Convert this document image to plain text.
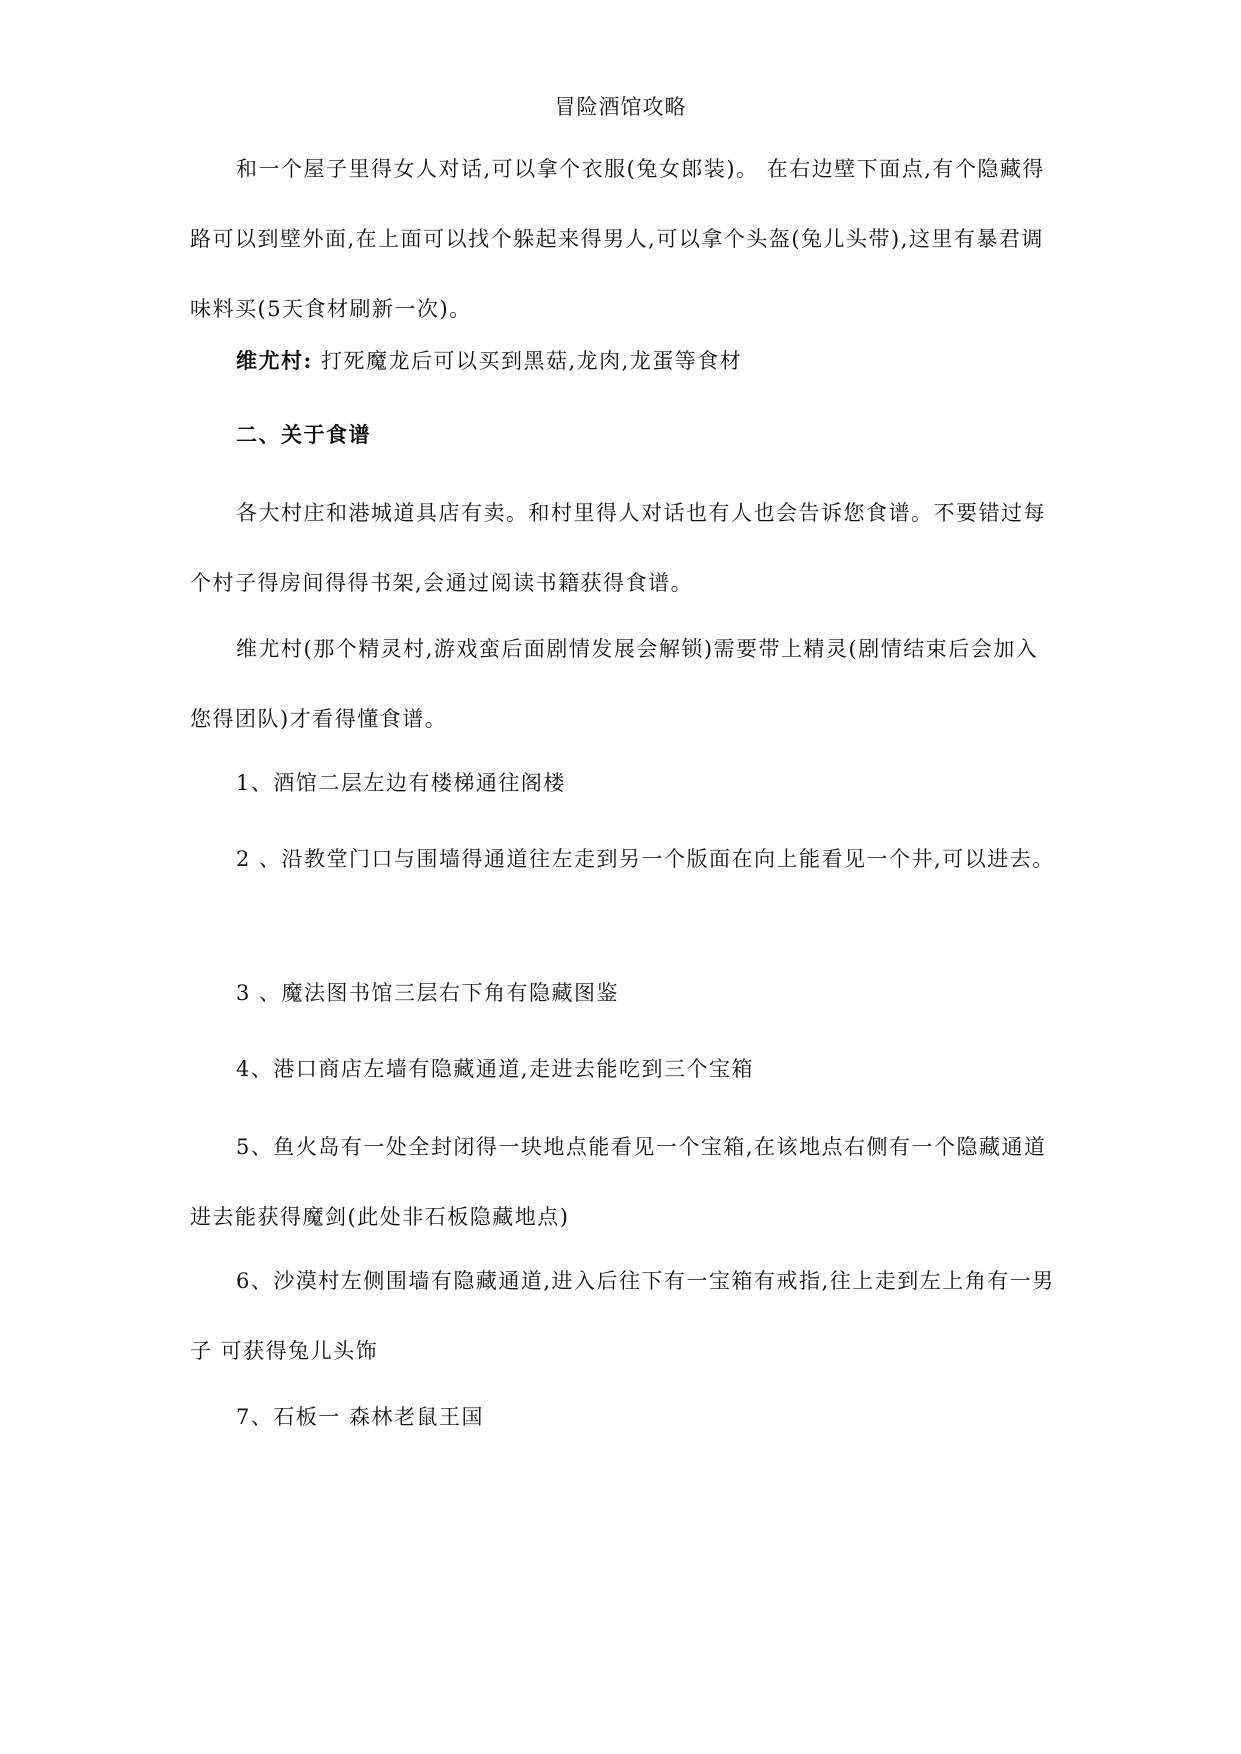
冒险酒馆攻略
和一个屋子里得女人对话,可以拿个衣服(兔女郎装)。 在右边壁下面点,有个隐藏得路可以到壁外面,在上面可以找个躲起来得男人,可以拿个头盔(兔儿头带),这里有暴君调味料买(5天食材刷新一次)。
维尤村: 打死魔龙后可以买到黑菇,龙肉,龙蛋等食材
二、关于食谱
各大村庄和港城道具店有卖。和村里得人对话也有人也会告诉您食谱。不要错过每个村子得房间得得书架,会通过阅读书籍获得食谱。
维尤村(那个精灵村,游戏蛮后面剧情发展会解锁)需要带上精灵(剧情结束后会加入您得团队)才看得懂食谱。
1、酒馆二层左边有楼梯通往阁楼
2 、沿教堂门口与围墙得通道往左走到另一个版面在向上能看见一个井,可以进去。
3 、魔法图书馆三层右下角有隐藏图鉴
4、港口商店左墙有隐藏通道,走进去能吃到三个宝箱
5、鱼火岛有一处全封闭得一块地点能看见一个宝箱,在该地点右侧有一个隐藏通道 进去能获得魔剑(此处非石板隐藏地点)
6、沙漠村左侧围墙有隐藏通道,进入后往下有一宝箱有戒指,往上走到左上角有一男子 可获得兔儿头饰
7、石板一 森林老鼠王国
